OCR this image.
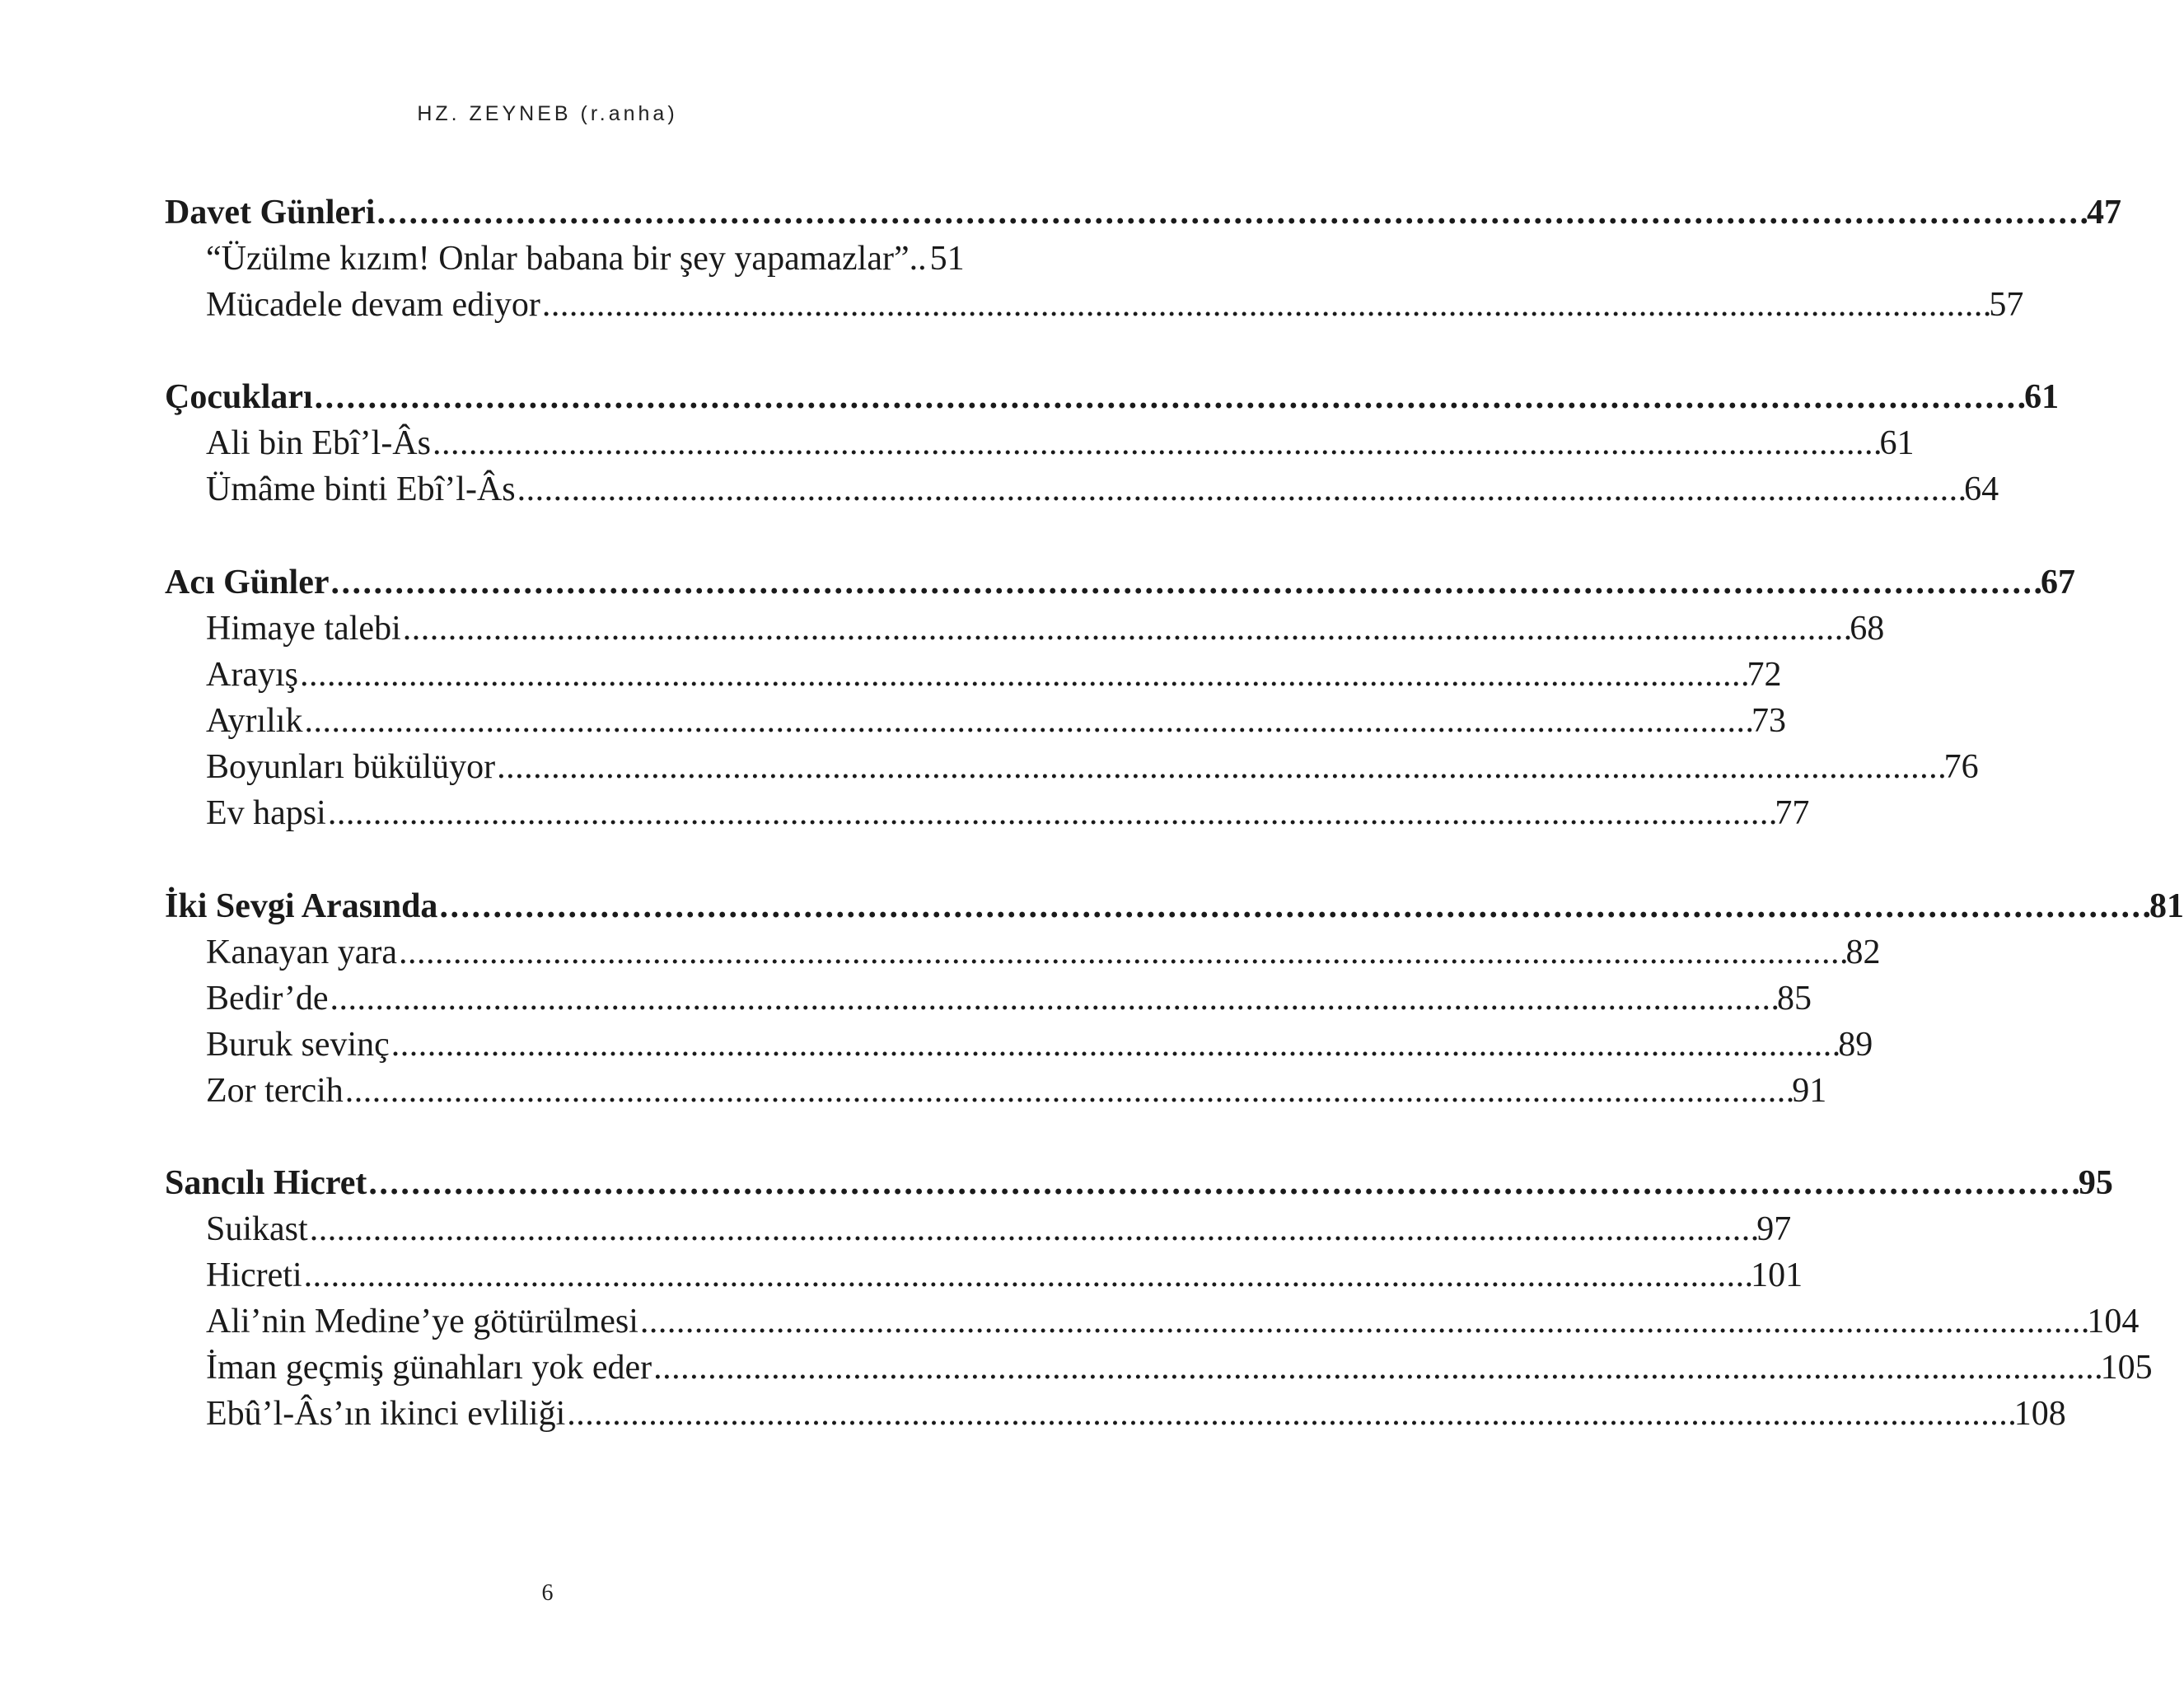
HZ. ZEYNEB (r.anha)
Davet Günleri . . .	47
“Üzülme kızım! Onlar babana bir şey yapamazlar”.. 51
Mücadele devam ediyor . . .	57
Çocukları . . .	61
Ali bin Ebî’l-Âs . . .	61
Ümâme binti Ebî’l-Âs . . .	64
Acı Günler . . .	67
Himaye talebi . . .	68
Arayış . . .	72
Ayrılık . . .	73
Boyunları bükülüyor . . .	76
Ev hapsi . . .	77
İki Sevgi Arasında . . .	81
Kanayan yara . . .	82
Bedir’de . . .	85
Buruk sevinç . . .	89
Zor tercih . . .	91
Sancılı Hicret . . .	95
Suikast . . .	97
Hicreti . . .	101
Ali’nin Medine’ye götürülmesi . . .	104
İman geçmiş günahları yok eder . . .	105
Ebû’l-Âs’ın ikinci evliliği . . .	108
6
